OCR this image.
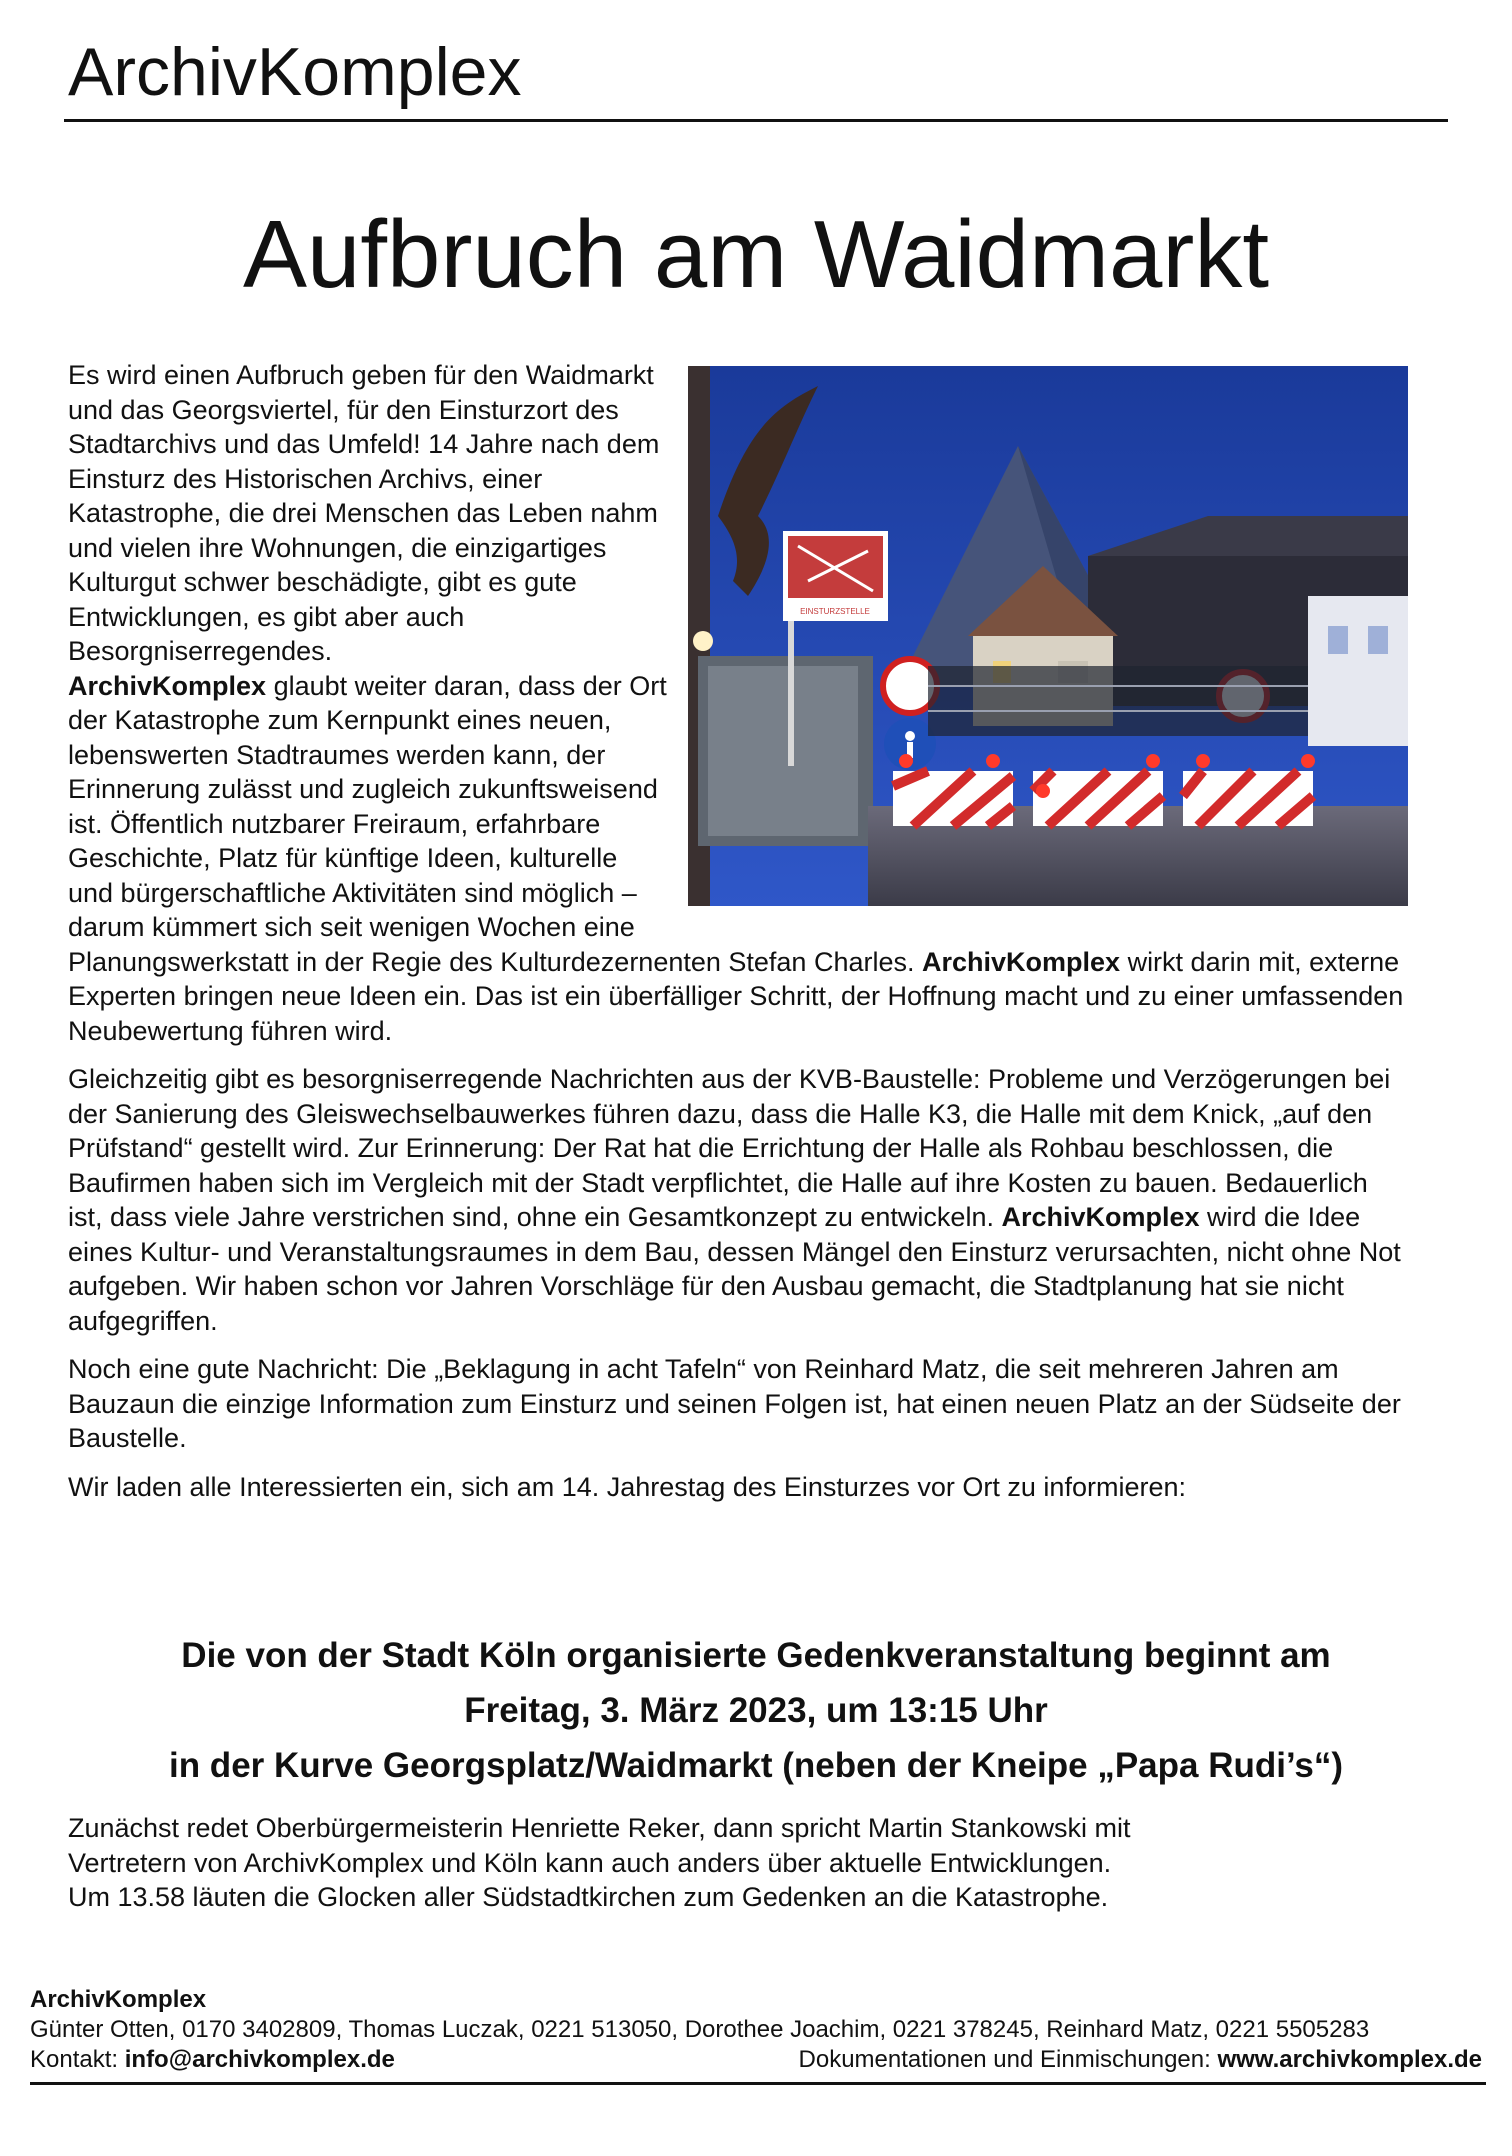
ArchivKomplex
Aufbruch am Waidmarkt
EINSTURZSTELLE

Es wird einen Aufbruch geben für den Waidmarkt und das Georgsviertel, für den Einsturzort des Stadtarchivs und das Umfeld! 14 Jahre nach dem Einsturz des Historischen Archivs, einer Katastrophe, die drei Menschen das Leben nahm und vielen ihre Wohnungen, die einzigartiges Kulturgut schwer beschädigte, gibt es gute Entwicklungen, es gibt aber auch Besorgniserregendes.
ArchivKomplex glaubt weiter daran, dass der Ort der Katastrophe zum Kernpunkt eines neuen, lebenswerten Stadtraumes werden kann, der Erinnerung zulässt und zugleich zukunftsweisend ist. Öffentlich nutzbarer Freiraum, erfahrbare Geschichte, Platz für künftige Ideen, kulturelle und bürgerschaftliche Aktivitäten sind möglich – darum kümmert sich seit wenigen Wochen eine Planungswerkstatt in der Regie des Kulturdezernenten Stefan Charles. ArchivKomplex wirkt darin mit, externe Experten bringen neue Ideen ein. Das ist ein überfälliger Schritt, der Hoffnung macht und zu einer umfassenden Neubewertung führen wird.

Gleichzeitig gibt es besorgniserregende Nachrichten aus der KVB-Baustelle: Probleme und Verzögerungen bei der Sanierung des Gleiswechselbauwerkes führen dazu, dass die Halle K3, die Halle mit dem Knick, „auf den Prüfstand“ gestellt wird. Zur Erinnerung: Der Rat hat die Errichtung der Halle als Rohbau beschlossen, die Baufirmen haben sich im Vergleich mit der Stadt verpflichtet, die Halle auf ihre Kosten zu bauen. Bedauerlich ist, dass viele Jahre verstrichen sind, ohne ein Gesamtkonzept zu entwickeln. ArchivKomplex wird die Idee eines Kultur- und Veranstaltungsraumes in dem Bau, dessen Mängel den Einsturz verursachten, nicht ohne Not aufgeben. Wir haben schon vor Jahren Vorschläge für den Ausbau gemacht, die Stadtplanung hat sie nicht aufgegriffen.

Noch eine gute Nachricht: Die „Beklagung in acht Tafeln“ von Reinhard Matz, die seit mehreren Jahren am Bauzaun die einzige Information zum Einsturz und seinen Folgen ist, hat einen neuen Platz an der Südseite der Baustelle.

Wir laden alle Interessierten ein, sich am 14. Jahrestag des Einsturzes vor Ort zu informieren:

Die von der Stadt Köln organisierte Gedenkveranstaltung beginnt am
Freitag, 3. März 2023, um 13:15 Uhr
in der Kurve Georgsplatz/Waidmarkt (neben der Kneipe „Papa Rudi’s“)
Zunächst redet Oberbürgermeisterin Henriette Reker, dann spricht Martin Stankowski mit
Vertretern von ArchivKomplex und Köln kann auch anders über aktuelle Entwicklungen.
Um 13.58 läuten die Glocken aller Südstadtkirchen zum Gedenken an die Katastrophe.
ArchivKomplex
Günter Otten, 0170 3402809, Thomas Luczak, 0221 513050, Dorothee Joachim, 0221 378245, Reinhard Matz, 0221 5505283
Kontakt: info@archivkomplex.de	Dokumentationen und Einmischungen: www.archivkomplex.de
